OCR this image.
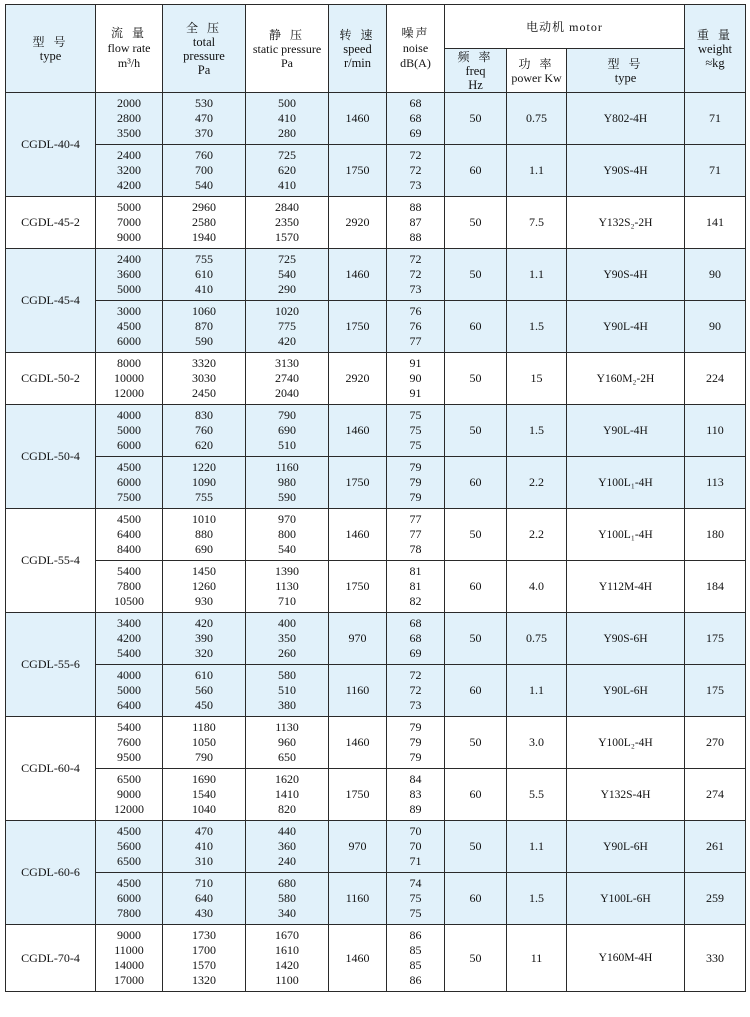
型 号
type	流 量
flow rate
m³/h	全 压
total
pressure
Pa	静 压
static pressure Pa	转 速
speed
r/min	噪声
noise dB(A)	电动机 motor			重 量
weight
≈kg

						频 率
freq
Hz	功 率
power Kw	型 号
type	

CGDL-40-4	2000
2800
3500	530
470
370	500
410
280	1460	68
68
69	50	0.75	Y802-4H	71
	2400
3200
4200	760
700
540	725
620
410	1750	72
72
73	60	1.1	Y90S-4H	71
CGDL-45-2	5000
7000
9000	2960
2580
1940	2840
2350
1570	2920	88
87
88	50	7.5	Y132S₂-2H	141
CGDL-45-4	2400
3600
5000	755
610
410	725
540
290	1460	72
72
73	50	1.1	Y90S-4H	90
	3000
4500
6000	1060
870
590	1020
775
420	1750	76
76
77	60	1.5	Y90L-4H	90
CGDL-50-2	8000
10000
12000	3320
3030
2450	3130
2740
2040	2920	91
90
91	50	15	Y160M₂-2H	224
CGDL-50-4	4000
5000
6000	830
760
620	790
690
510	1460	75
75
75	50	1.5	Y90L-4H	110
	4500
6000
7500	1220
1090
755	1160
980
590	1750	79
79
79	60	2.2	Y100L₁-4H	113
CGDL-55-4	4500
6400
8400	1010
880
690	970
800
540	1460	77
77
78	50	2.2	Y100L₁-4H	180
	5400
7800
10500	1450
1260
930	1390
1130
710	1750	81
81
82	60	4.0	Y112M-4H	184
CGDL-55-6	3400
4200
5400	420
390
320	400
350
260	970	68
68
69	50	0.75	Y90S-6H	175
	4000
5000
6400	610
560
450	580
510
380	1160	72
72
73	60	1.1	Y90L-6H	175
CGDL-60-4	5400
7600
9500	1180
1050
790	1130
960
650	1460	79
79
79	50	3.0	Y100L₂-4H	270
	6500
9000
12000	1690
1540
1040	1620
1410
820	1750	84
83
89	60	5.5	Y132S-4H	274
CGDL-60-6	4500
5600
6500	470
410
310	440
360
240	970	70
70
71	50	1.1	Y90L-6H	261
	4500
6000
7800	710
640
430	680
580
340	1160	74
75
75	60	1.5	Y100L-6H	259
CGDL-70-4	9000
11000
14000
17000	1730
1700
1570
1320	1670
1610
1420
1100	1460	86
85
85
86	50	11	Y160M-4H	330
